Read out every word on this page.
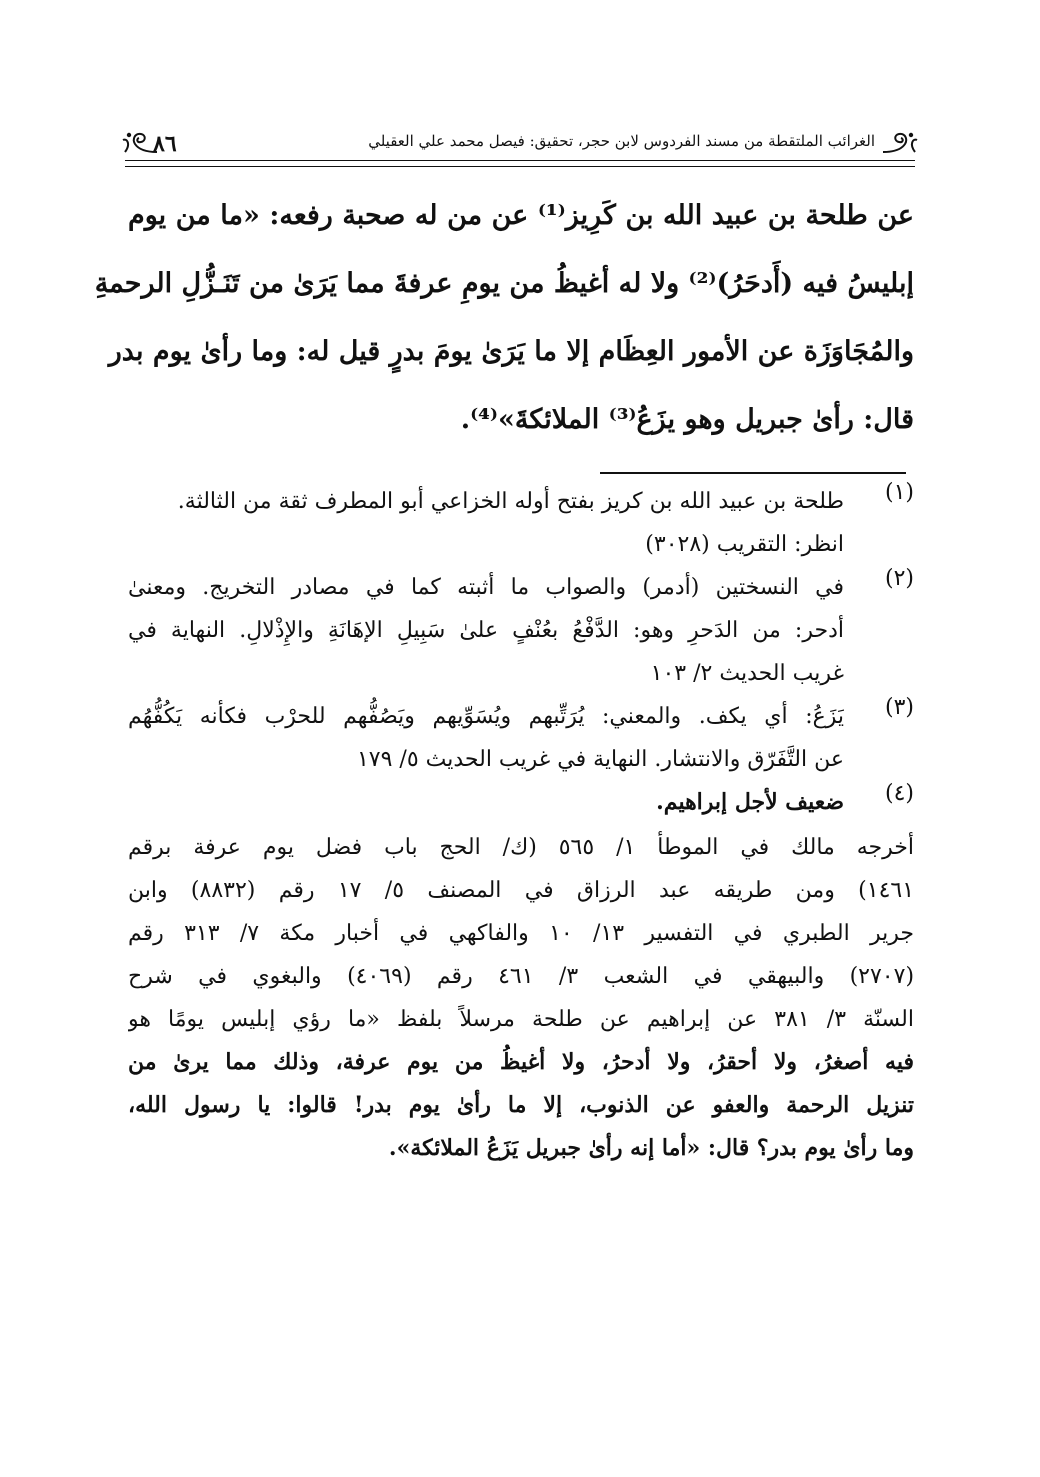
٨٦	الغرائب الملتقطة من مسند الفردوس لابن حجر، تحقيق: فيصل محمد علي العقيلي
عن طلحة بن عبيد الله بن كَرِيز⁽¹⁾ عن من له صحبة رفعه: «ما من يوم
إبليسُ فيه (أَدحَرُ)⁽²⁾ ولا له أغيظُ من يومِ عرفةَ مما يَرَىٰ من تَنَـزُّلِ الرحمةِ
والمُجَاوَزَة عن الأمور العِظَام إلا ما يَرَىٰ يومَ بدرٍ قيل له: وما رأىٰ يوم بدر
قال: رأىٰ جبريل وهو يزَعُ⁽³⁾ الملائكةَ»⁽⁴⁾.
(١)
طلحة بن عبيد الله بن كريز بفتح أوله الخزاعي أبو المطرف ثقة من الثالثة.
انظر: التقريب (٣٠٢٨)
(٢)
في النسختين (أدمر) والصواب ما أثبته كما في مصادر التخريج. ومعنىٰ
أدحر: من الدَحرِ وهو: الدَّفْعُ بعُنْفٍ علىٰ سَبِيلِ الإهَانَةِ والإِذْلالِ. النهاية في
غريب الحديث ٢/ ١٠٣
(٣)
يَزَعُ: أي يكف. والمعني: يُرَتِّبهم ويُسَوِّيهم ويَصُفُّهم للحرْب فكأنه يَكُفُّهُم
عن التَّفَرّق والانتشار. النهاية في غريب الحديث ٥/ ١٧٩
(٤)
ضعيف لأجل إبراهيم.
أخرجه مالك في الموطأ ١/ ٥٦٥ (ك/ الحج باب فضل يوم عرفة برقم
١٤٦١) ومن طريقه عبد الرزاق في المصنف ٥/ ١٧ رقم (٨٨٣٢) وابن
جرير الطبري في التفسير ١٣/ ١٠ والفاكهي في أخبار مكة ٧/ ٣١٣ رقم
(٢٧٠٧) والبيهقي في الشعب ٣/ ٤٦١ رقم (٤٠٦٩) والبغوي في شرح
السنّة ٣/ ٣٨١ عن إبراهيم عن طلحة مرسلاً بلفظ «ما رؤي إبليس يومًا هو
فيه أصغرُ، ولا أحقرُ، ولا أدحرُ، ولا أغيظُ من يوم عرفة، وذلك مما يرىٰ من
تنزيل الرحمة والعفو عن الذنوب، إلا ما رأىٰ يوم بدر! قالوا: يا رسول الله،
وما رأىٰ يوم بدر؟ قال: «أما إنه رأىٰ جبريل يَزَعُ الملائكة».
